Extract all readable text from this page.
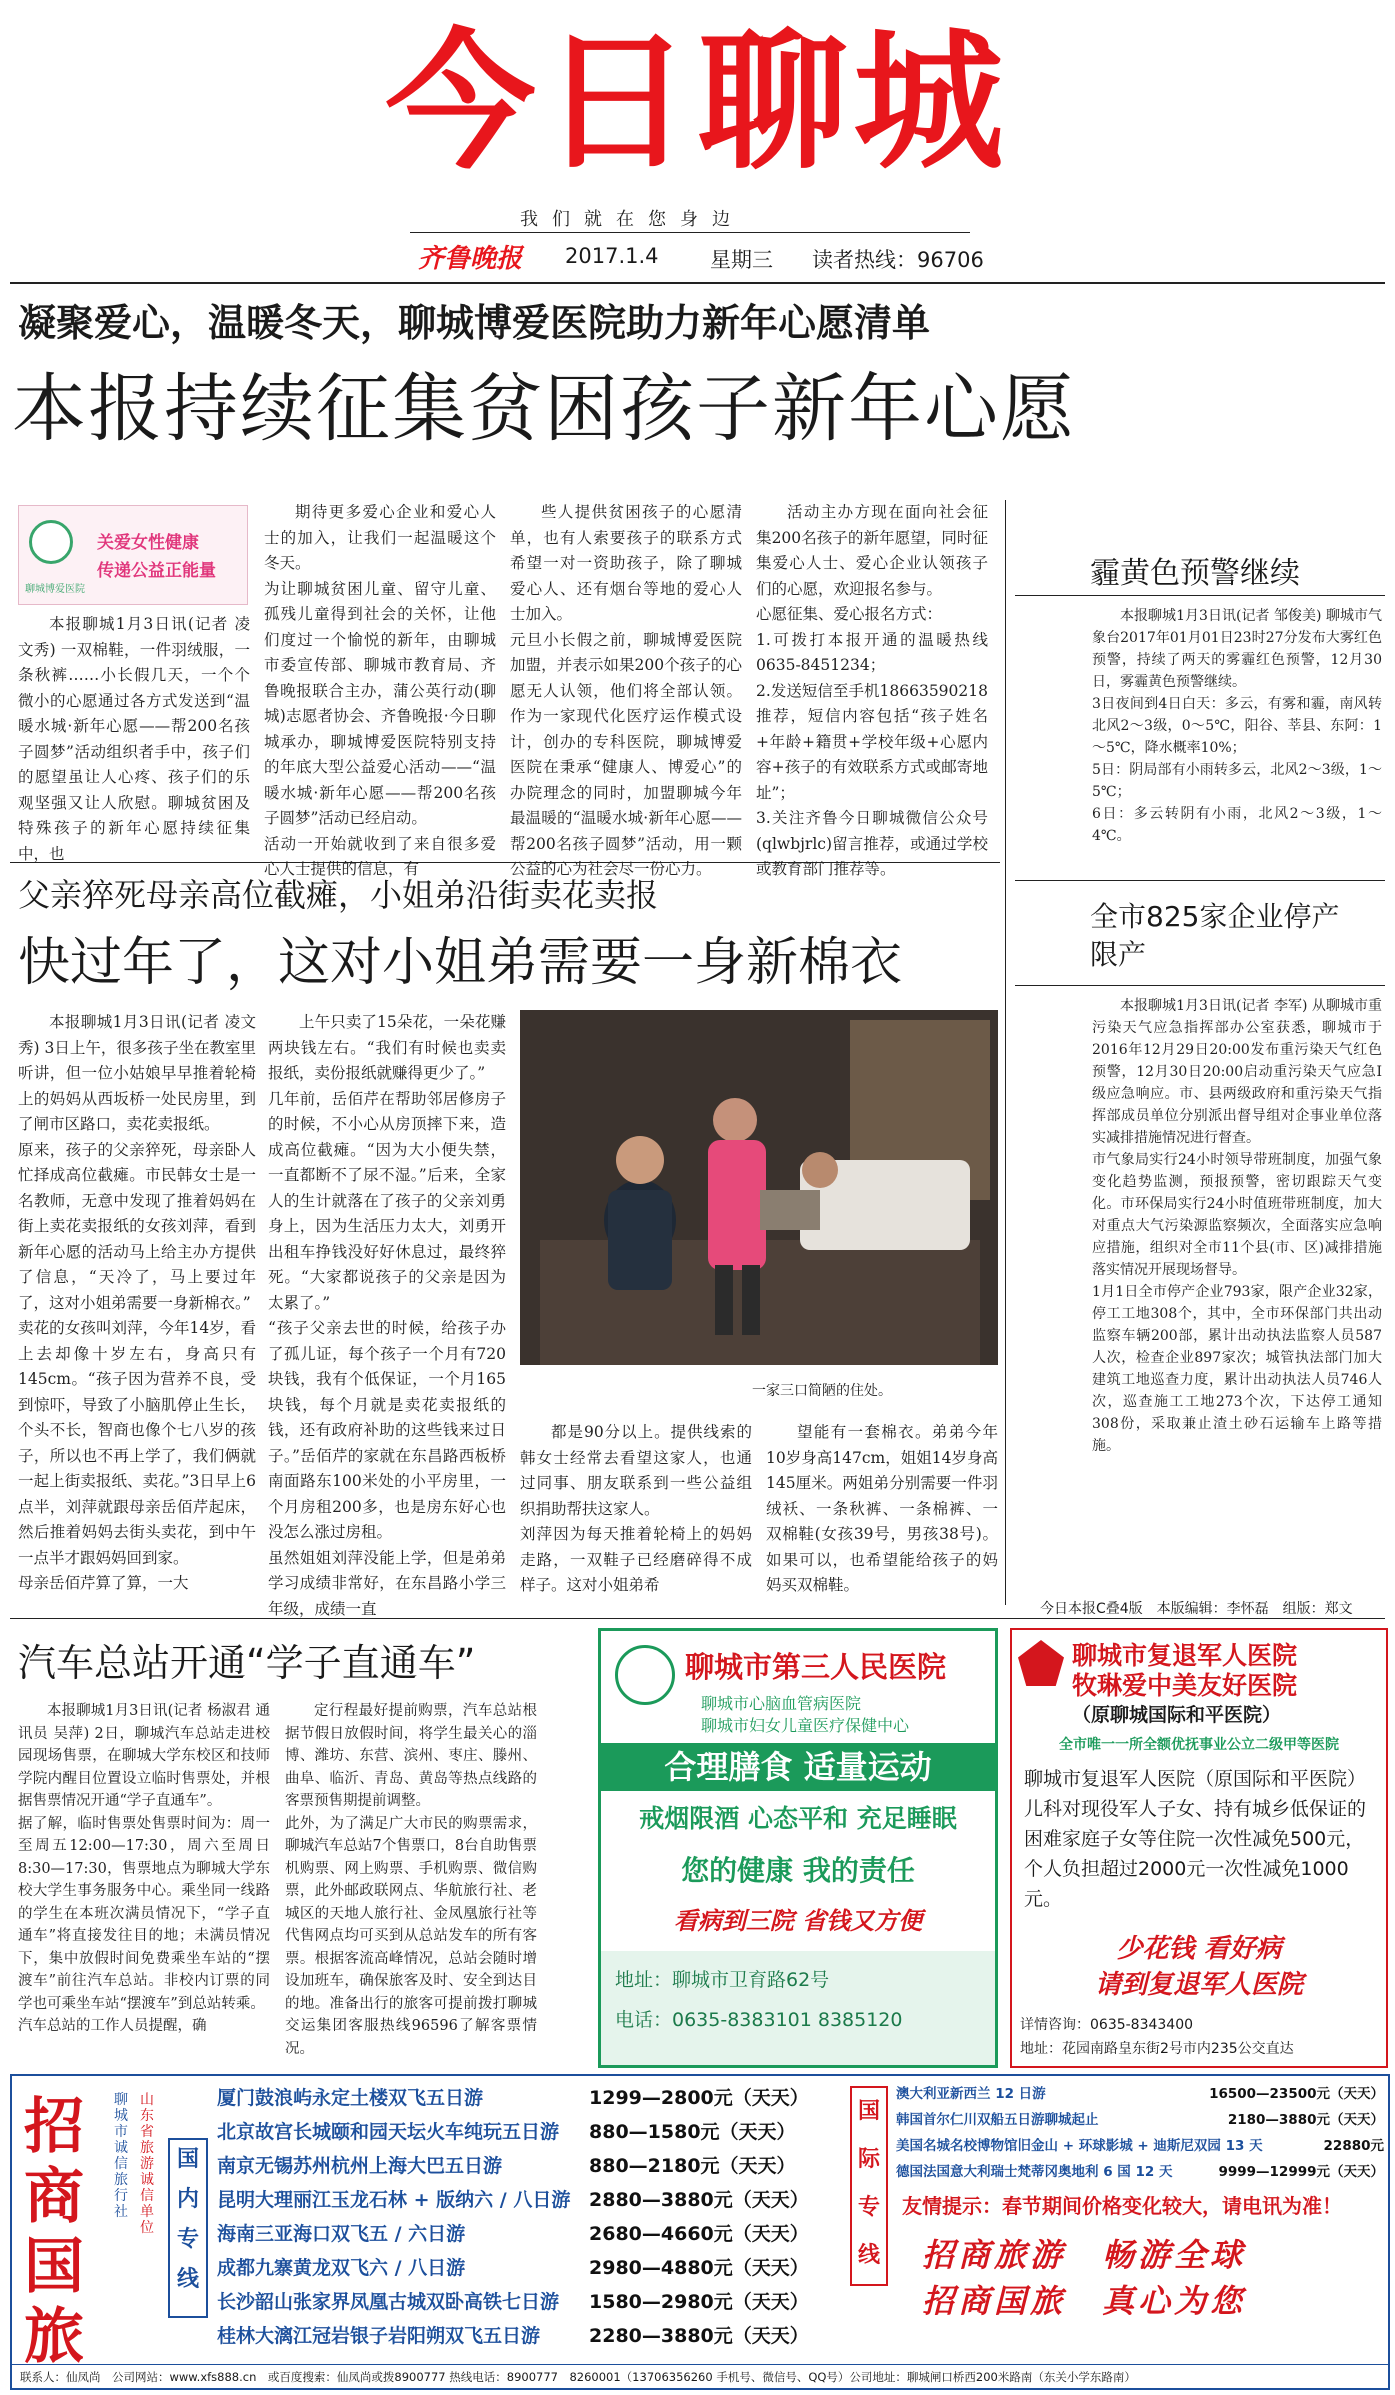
今日聊城
我们就在您身边
齐鲁晚报 2017.1.4 星期三 读者热线：96706
凝聚爱心，温暖冬天，聊城博爱医院助力新年心愿清单
本报持续征集贫困孩子新年心愿
关爱女性健康
传递公益正能量
聊城博爱医院

本报聊城1月3日讯(记者 凌文秀) 一双棉鞋，一件羽绒服，一条秋裤……小长假几天，一个个微小的心愿通过各方式发送到“温暖水城·新年心愿——帮200名孩子圆梦”活动组织者手中，孩子们的愿望虽让人心疼、孩子们的乐观坚强又让人欣慰。聊城贫困及特殊孩子的新年心愿持续征集中，也

期待更多爱心企业和爱心人士的加入，让我们一起温暖这个冬天。
为让聊城贫困儿童、留守儿童、孤残儿童得到社会的关怀，让他们度过一个愉悦的新年，由聊城市委宣传部、聊城市教育局、齐鲁晚报联合主办，蒲公英行动(聊城)志愿者协会、齐鲁晚报·今日聊城承办，聊城博爱医院特别支持的年底大型公益爱心活动——“温暖水城·新年心愿——帮200名孩子圆梦”活动已经启动。
活动一开始就收到了来自很多爱心人士提供的信息，有

些人提供贫困孩子的心愿清单，也有人索要孩子的联系方式希望一对一资助孩子，除了聊城爱心人、还有烟台等地的爱心人士加入。
元旦小长假之前，聊城博爱医院加盟，并表示如果200个孩子的心愿无人认领，他们将全部认领。作为一家现代化医疗运作模式设计，创办的专科医院，聊城博爱医院在秉承“健康人、博爱心”的办院理念的同时，加盟聊城今年最温暖的“温暖水城·新年心愿——帮200名孩子圆梦”活动，用一颗公益的心为社会尽一份心力。

活动主办方现在面向社会征集200名孩子的新年愿望，同时征集爱心人士、爱心企业认领孩子们的心愿，欢迎报名参与。
心愿征集、爱心报名方式：
1.可拨打本报开通的温暖热线0635-8451234；
2.发送短信至手机18663590218推荐，短信内容包括“孩子姓名+年龄+籍贯+学校年级+心愿内容+孩子的有效联系方式或邮寄地址”；
3.关注齐鲁今日聊城微信公众号(qlwbjrlc)留言推荐，或通过学校或教育部门推荐等。

霾黄色预警继续

本报聊城1月3日讯(记者 邹俊美) 聊城市气象台2017年01月01日23时27分发布大雾红色预警，持续了两天的雾霾红色预警，12月30日，雾霾黄色预警继续。
3日夜间到4日白天：多云，有雾和霾，南风转北风2～3级，0～5℃，阳谷、莘县、东阿：1～5℃，降水概率10%；
5日：阴局部有小雨转多云，北风2～3级，1～5℃；
6日：多云转阴有小雨，北风2～3级，1～4℃。

父亲猝死母亲高位截瘫，小姐弟沿街卖花卖报
快过年了，这对小姐弟需要一身新棉衣

本报聊城1月3日讯(记者 凌文秀) 3日上午，很多孩子坐在教室里听讲，但一位小姑娘早早推着轮椅上的妈妈从西坂桥一处民房里，到了闸市区路口，卖花卖报纸。
原来，孩子的父亲猝死，母亲卧人忙择成高位截瘫。市民韩女士是一名教师，无意中发现了推着妈妈在街上卖花卖报纸的女孩刘萍，看到新年心愿的活动马上给主办方提供了信息，“天冷了，马上要过年了，这对小姐弟需要一身新棉衣。”
卖花的女孩叫刘萍，今年14岁，看上去却像十岁左右，身高只有145cm。“孩子因为营养不良，受到惊吓，导致了小脑肌停止生长，个头不长，智商也像个七八岁的孩子，所以也不再上学了，我们俩就一起上街卖报纸、卖花。”3日早上6点半，刘萍就跟母亲岳佰芹起床，然后推着妈妈去街头卖花，到中午一点半才跟妈妈回到家。
母亲岳佰芹算了算，一大

上午只卖了15朵花，一朵花赚两块钱左右。“我们有时候也卖卖报纸，卖份报纸就赚得更少了。”
几年前，岳佰芹在帮助邻居修房子的时候，不小心从房顶摔下来，造成高位截瘫。“因为大小便失禁，一直都断不了尿不湿。”后来，全家人的生计就落在了孩子的父亲刘勇身上，因为生活压力太大，刘勇开出租车挣钱没好好休息过，最终猝死。“大家都说孩子的父亲是因为太累了。”
“孩子父亲去世的时候，给孩子办了孤儿证，每个孩子一个月有720块钱，我有个低保证，一个月165块钱，每个月就是卖花卖报纸的钱，还有政府补助的这些钱来过日子。”岳佰芹的家就在东昌路西板桥南面路东100米处的小平房里，一个月房租200多，也是房东好心也没怎么涨过房租。
虽然姐姐刘萍没能上学，但是弟弟学习成绩非常好，在东昌路小学三年级，成绩一直

一家三口简陋的住处。

都是90分以上。提供线索的韩女士经常去看望这家人，也通过同事、朋友联系到一些公益组织捐助帮扶这家人。
刘萍因为每天推着轮椅上的妈妈走路，一双鞋子已经磨碎得不成样子。这对小姐弟希

望能有一套棉衣。弟弟今年10岁身高147cm，姐姐14岁身高145厘米。两姐弟分别需要一件羽绒袄、一条秋裤、一条棉裤、一双棉鞋(女孩39号，男孩38号)。如果可以，也希望能给孩子的妈妈买双棉鞋。

全市825家企业停产限产

本报聊城1月3日讯(记者 李军) 从聊城市重污染天气应急指挥部办公室获悉，聊城市于2016年12月29日20:00发布重污染天气红色预警，12月30日20:00启动重污染天气应急Ⅰ级应急响应。市、县两级政府和重污染天气指挥部成员单位分别派出督导组对企事业单位落实减排措施情况进行督查。
市气象局实行24小时领导带班制度，加强气象变化趋势监测，预报预警，密切跟踪天气变化。市环保局实行24小时值班带班制度，加大对重点大气污染源监察频次，全面落实应急响应措施，组织对全市11个县(市、区)减排措施落实情况开展现场督导。
1月1日全市停产企业793家，限产企业32家，停工工地308个，其中，全市环保部门共出动监察车辆200部，累计出动执法监察人员587人次，检查企业897家次；城管执法部门加大建筑工地巡查力度，累计出动执法人员746人次，巡查施工工地273个次，下达停工通知308份，采取兼止渣土砂石运输车上路等措施。

今日本报C叠4版　本版编辑：李怀磊　组版：郑文
汽车总站开通“学子直通车”

本报聊城1月3日讯(记者 杨淑君 通讯员 吴萍) 2日，聊城汽车总站走进校园现场售票，在聊城大学东校区和技师学院内醒目位置设立临时售票处，并根据售票情况开通“学子直通车”。
据了解，临时售票处售票时间为：周一至周五12:00—17:30，周六至周日8:30—17:30，售票地点为聊城大学东校大学生事务服务中心。乘坐同一线路的学生在本班次满员情况下，“学子直通车”将直接发往目的地；未满员情况下，集中放假时间免费乘坐车站的“摆渡车”前往汽车总站。非校内订票的同学也可乘坐车站“摆渡车”到总站转乘。
汽车总站的工作人员提醒，确

定行程最好提前购票，汽车总站根据节假日放假时间，将学生最关心的淄博、潍坊、东营、滨州、枣庄、滕州、曲阜、临沂、青岛、黄岛等热点线路的客票预售期提前调整。
此外，为了满足广大市民的购票需求，聊城汽车总站7个售票口，8台自助售票机购票、网上购票、手机购票、微信购票，此外邮政联网点、华航旅行社、老城区的天地人旅行社、金凤凰旅行社等代售网点均可买到从总站发车的所有客票。根据客流高峰情况，总站会随时增设加班车，确保旅客及时、安全到达目的地。准备出行的旅客可提前拨打聊城交运集团客服热线96596了解客票情况。

聊城市第三人民医院
聊城市心脑血管病医院
聊城市妇女儿童医疗保健中心
合理膳食 适量运动
戒烟限酒 心态平和 充足睡眠
您的健康 我的责任
看病到三院 省钱又方便
地址：聊城市卫育路62号
电话：0635-8383101 8385120
聊城市复退军人医院
牧琳爱中美友好医院
（原聊城国际和平医院）
全市唯一一所全额优抚事业公立二级甲等医院
聊城市复退军人医院（原国际和平医院）儿科对现役军人子女、持有城乡低保证的困难家庭子女等住院一次性减免500元，个人负担超过2000元一次性减免1000元。
少花钱 看好病
请到复退军人医院
详情咨询：0635-8343400
地址：花园南路皇东街2号市内235公交直达
招商国旅
聊城市诚信旅行社
山东省旅游诚信单位
国内专线
厦门鼓浪屿永定土楼双飞五日游	1299—2800元（天天）
北京故宫长城颐和园天坛火车纯玩五日游 880—1580元（天天）
南京无锡苏州杭州上海大巴五日游	880—2180元（天天）
昆明大理丽江玉龙石林 + 版纳六 / 八日游 2880—3880元（天天）
海南三亚海口双飞五 / 六日游	2680—4660元（天天）
成都九寨黄龙双飞六 / 八日游	2980—4880元（天天）
长沙韶山张家界凤凰古城双卧高铁七日游 1580—2980元（天天）
桂林大漓江冠岩银子岩阳朔双飞五日游	2280—3880元（天天）
国际专线
澳大利亚新西兰 12 日游	16500—23500元（天天）
韩国首尔仁川双船五日游聊城起止	2180—3880元（天天）
美国名城名校博物馆旧金山 + 环球影城 + 迪斯尼双园 13 天	22880元
德国法国意大利瑞士梵蒂冈奥地利 6 国 12 天	9999—12999元（天天）
友情提示：春节期间价格变化较大，请电讯为准！
招商旅游　畅游全球
招商国旅　真心为您
联系人：仙凤尚　公司网站：www.xfs888.cn　或百度搜索：仙凤尚或拨8900777 热线电话：8900777　8260001（13706356260 手机号、微信号、QQ号）公司地址：聊城闸口桥西200米路南（东关小学东路南）
